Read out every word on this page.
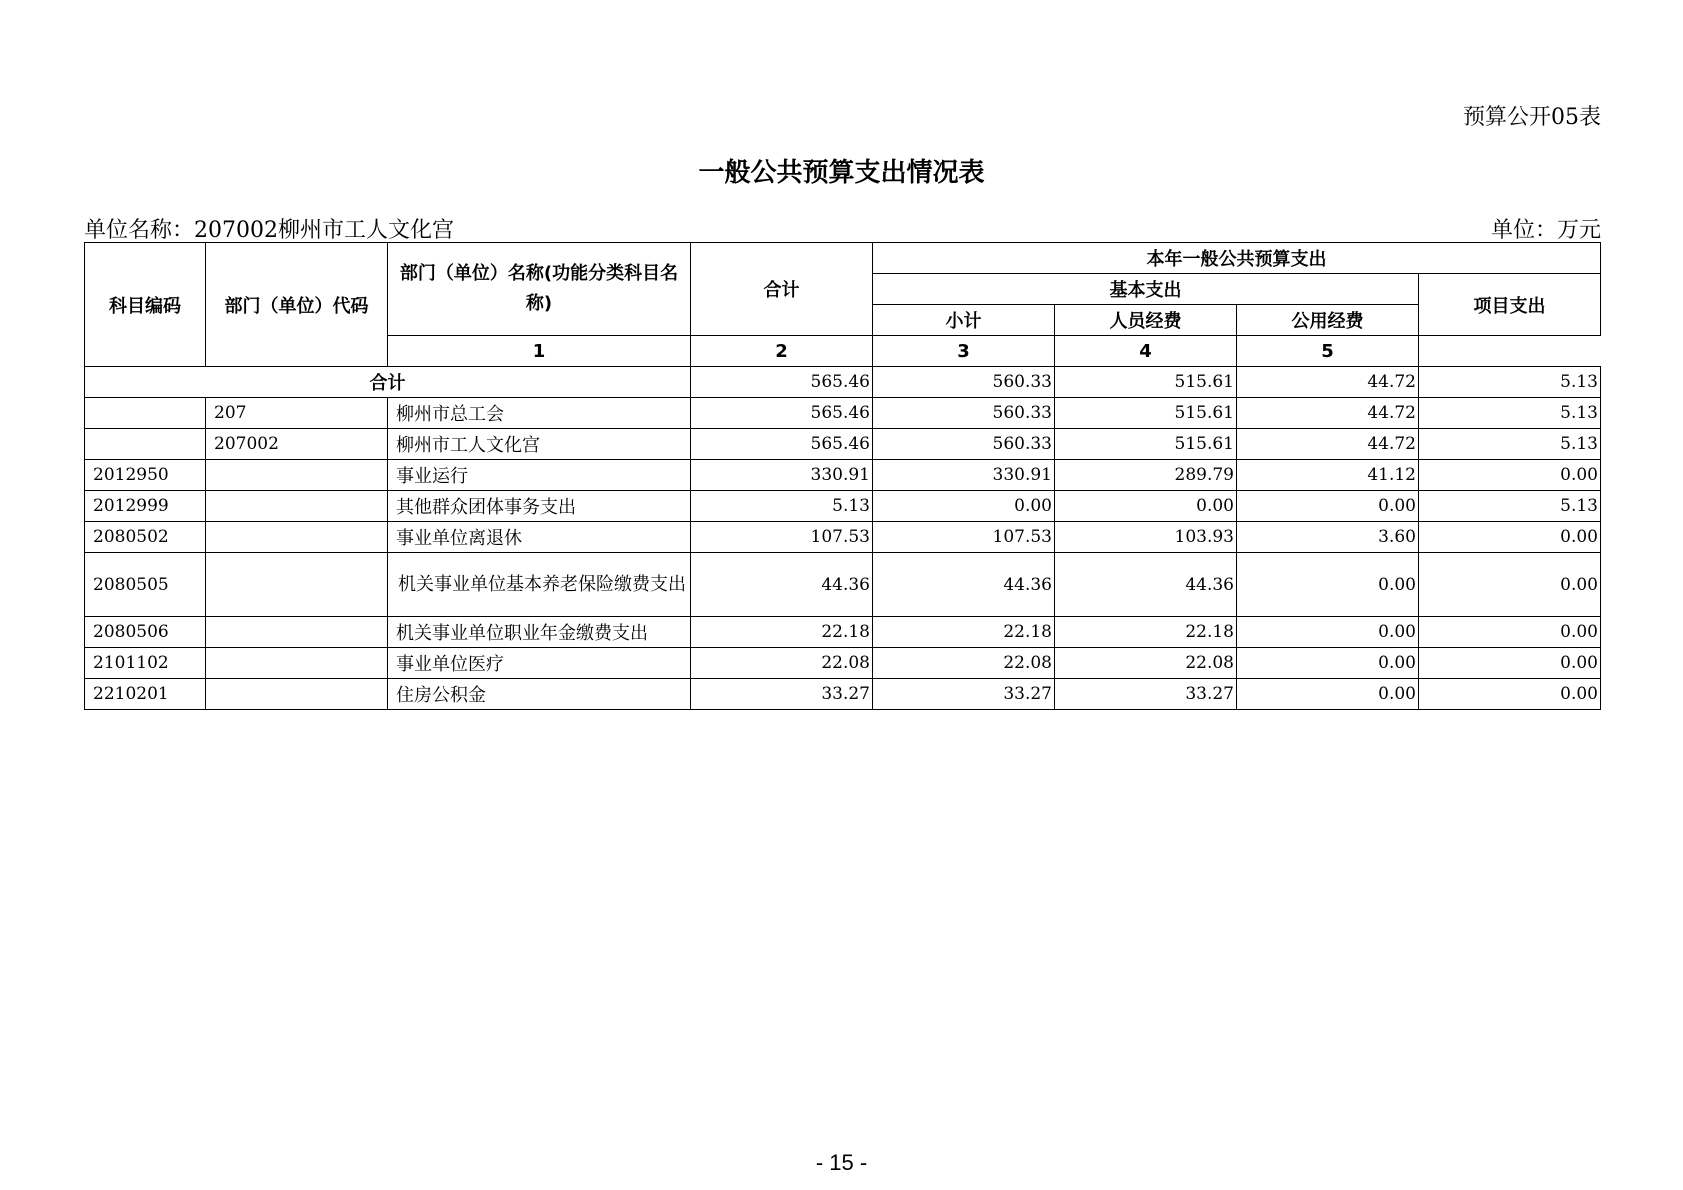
预算公开05表
一般公共预算支出情况表
单位名称：207002柳州市工人文化宫	单位：万元
科目编码	部门（单位）代码	部门（单位）名称(功能分类科目名称)	合计	本年一般公共预算支出			
				基本支出			项目支出
				小计	人员经费	公用经费	
		1	2	3	4	5	
合计			565.46	560.33	515.61	44.72	5.13
	207	柳州市总工会	565.46	560.33	515.61	44.72	5.13
	207002	柳州市工人文化宫	565.46	560.33	515.61	44.72	5.13
2012950		事业运行	330.91	330.91	289.79	41.12	0.00
2012999		其他群众团体事务支出	5.13	0.00	0.00	0.00	5.13
2080502		事业单位离退休	107.53	107.53	103.93	3.60	0.00
2080505		机关事业单位基本养老保险缴费支出	44.36	44.36	44.36	0.00	0.00
2080506		机关事业单位职业年金缴费支出	22.18	22.18	22.18	0.00	0.00
2101102		事业单位医疗	22.08	22.08	22.08	0.00	0.00
2210201		住房公积金	33.27	33.27	33.27	0.00	0.00
- 15 -
